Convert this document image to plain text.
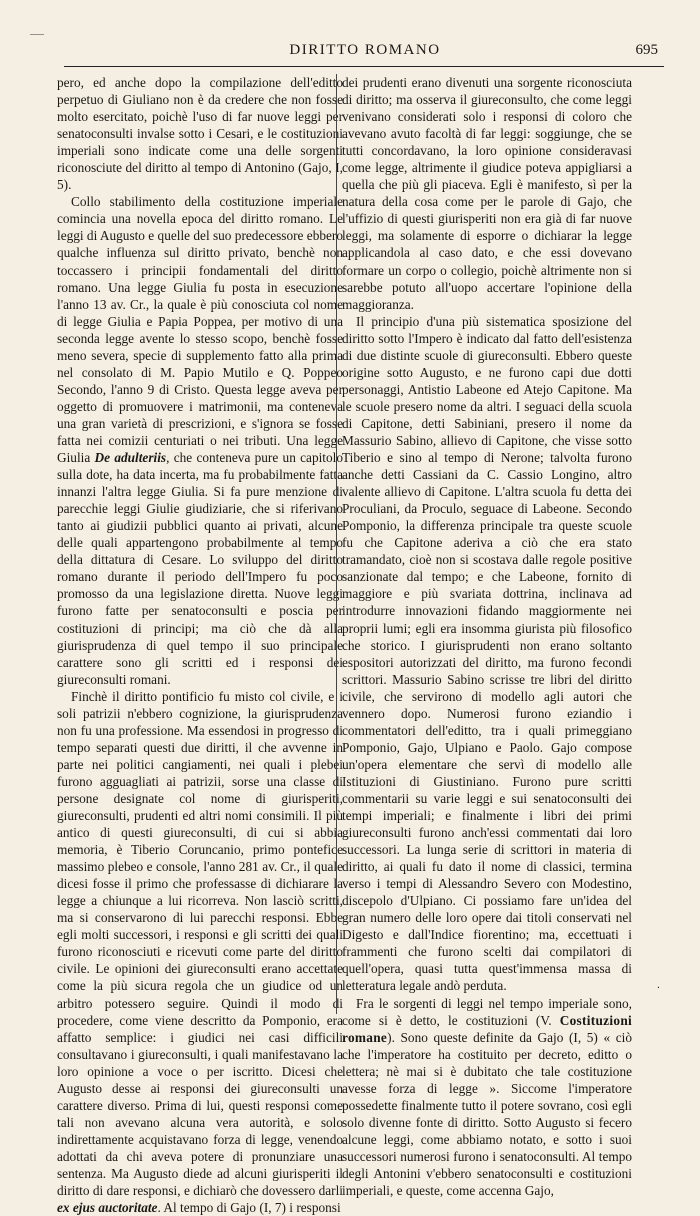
DIRITTO ROMANO	695

pero, ed anche dopo la compilazione dell'editto perpetuo di Giuliano non è da credere che non fosse molto esercitato, poichè l'uso di far nuove leggi per senatoconsulti invalse sotto i Cesari, e le costituzioni imperiali sono indicate come una delle sorgenti riconosciute del diritto al tempo di Antonino (Gajo, I, 5).

Collo stabilimento della costituzione imperiale comincia una novella epoca del diritto romano. Le leggi di Augusto e quelle del suo predecessore ebbero qualche influenza sul diritto privato, benchè non toccassero i principii fondamentali del diritto romano. Una legge Giulia fu posta in esecuzione l'anno 13 av. Cr., la quale è più conosciuta col nome di legge Giulia e Papia Poppea, per motivo di una seconda legge avente lo stesso scopo, benchè fosse meno severa, specie di supplemento fatto alla prima nel consolato di M. Papio Mutilo e Q. Poppeo Secondo, l'anno 9 di Cristo. Questa legge aveva per oggetto di promuovere i matrimonii, ma conteneva una gran varietà di prescrizioni, e s'ignora se fosse fatta nei comizii centuriati o nei tributi. Una legge Giulia De adulteriis, che conteneva pure un capitolo sulla dote, ha data incerta, ma fu probabilmente fatta innanzi l'altra legge Giulia. Si fa pure menzione di parecchie leggi Giulie giudiziarie, che si riferivano tanto ai giudizii pubblici quanto ai privati, alcune delle quali appartengono probabilmente al tempo della dittatura di Cesare. Lo sviluppo del diritto romano durante il periodo dell'Impero fu poco promosso da una legislazione diretta. Nuove leggi furono fatte per senatoconsulti e poscia per costituzioni di principi; ma ciò che dà alla giurisprudenza di quel tempo il suo principale carattere sono gli scritti ed i responsi dei giureconsulti romani.

Finchè il diritto pontificio fu misto col civile, e i soli patrizii n'ebbero cognizione, la giurisprudenza non fu una professione. Ma essendosi in progresso di tempo separati questi due diritti, il che avvenne in parte nei politici cangiamenti, nei quali i plebei furono agguagliati ai patrizii, sorse una classe di persone designate col nome di giurisperiti, giureconsulti, prudenti ed altri nomi consimili. Il più antico di questi giureconsulti, di cui si abbia memoria, è Tiberio Coruncanio, primo pontefice massimo plebeo e console, l'anno 281 av. Cr., il quale dicesi fosse il primo che professasse di dichiarare la legge a chiunque a lui ricorreva. Non lasciò scritti, ma si conservarono di lui parecchi responsi. Ebbe egli molti successori, i responsi e gli scritti dei quali furono riconosciuti e ricevuti come parte del diritto civile. Le opinioni dei giureconsulti erano accettate come la più sicura regola che un giudice od un arbitro potessero seguire. Quindi il modo di procedere, come viene descritto da Pomponio, era affatto semplice: i giudici nei casi difficili consultavano i giureconsulti, i quali manifestavano la loro opinione a voce o per iscritto. Dicesi che Augusto desse ai responsi dei giureconsulti un carattere diverso. Prima di lui, questi responsi come tali non avevano alcuna vera autorità, e solo indirettamente acquistavano forza di legge, venendo adottati da chi aveva potere di pronunziare una sentenza. Ma Augusto diede ad alcuni giurisperiti il diritto di dare responsi, e dichiarò che dovessero darli ex ejus auctoritate. Al tempo di Gajo (I, 7) i responsi

dei prudenti erano divenuti una sorgente riconosciuta di diritto; ma osserva il giureconsulto, che come leggi venivano considerati solo i responsi di coloro che avevano avuto facoltà di far leggi: soggiunge, che se tutti concordavano, la loro opinione consideravasi come legge, altrimente il giudice poteva appigliarsi a quella che più gli piaceva. Egli è manifesto, sì per la natura della cosa come per le parole di Gajo, che l'uffizio di questi giurisperiti non era già di far nuove leggi, ma solamente di esporre o dichiarar la legge applicandola al caso dato, e che essi dovevano formare un corpo o collegio, poichè altrimente non si sarebbe potuto all'uopo accertare l'opinione della maggioranza.

Il principio d'una più sistematica sposizione del diritto sotto l'Impero è indicato dal fatto dell'esistenza di due distinte scuole di giureconsulti. Ebbero queste origine sotto Augusto, e ne furono capi due dotti personaggi, Antistio Labeone ed Atejo Capitone. Ma le scuole presero nome da altri. I seguaci della scuola di Capitone, detti Sabiniani, presero il nome da Massurio Sabino, allievo di Capitone, che visse sotto Tiberio e sino al tempo di Nerone; talvolta furono anche detti Cassiani da C. Cassio Longino, altro valente allievo di Capitone. L'altra scuola fu detta dei Proculiani, da Proculo, seguace di Labeone. Secondo Pomponio, la differenza principale tra queste scuole fu che Capitone aderiva a ciò che era stato tramandato, cioè non si scostava dalle regole positive sanzionate dal tempo; e che Labeone, fornito di maggiore e più svariata dottrina, inclinava ad introdurre innovazioni fidando maggiormente nei proprii lumi; egli era insomma giurista più filosofico che storico. I giurisprudenti non erano soltanto espositori autorizzati del diritto, ma furono fecondi scrittori. Massurio Sabino scrisse tre libri del diritto civile, che servirono di modello agli autori che vennero dopo. Numerosi furono eziandio i commentatori dell'editto, tra i quali primeggiano Pomponio, Gajo, Ulpiano e Paolo. Gajo compose un'opera elementare che servì di modello alle Istituzioni di Giustiniano. Furono pure scritti commentarii su varie leggi e sui senatoconsulti dei tempi imperiali; e finalmente i libri dei primi giureconsulti furono anch'essi commentati dai loro successori. La lunga serie di scrittori in materia di diritto, ai quali fu dato il nome di classici, termina verso i tempi di Alessandro Severo con Modestino, discepolo d'Ulpiano. Ci possiamo fare un'idea del gran numero delle loro opere dai titoli conservati nel Digesto e dall'Indice fiorentino; ma, eccettuati i frammenti che furono scelti dai compilatori di quell'opera, quasi tutta quest'immensa massa di letteratura legale andò perduta.

Fra le sorgenti di leggi nel tempo imperiale sono, come si è detto, le costituzioni (V. Costituzioni romane). Sono queste definite da Gajo (I, 5) « ciò che l'imperatore ha costituito per decreto, editto o lettera; nè mai si è dubitato che tale costituzione avesse forza di legge ». Siccome l'imperatore possedette finalmente tutto il potere sovrano, così egli solo divenne fonte di diritto. Sotto Augusto si fecero alcune leggi, come abbiamo notato, e sotto i suoi successori numerosi furono i senatoconsulti. Al tempo degli Antonini v'ebbero senatoconsulti e costituzioni imperiali, e queste, come accenna Gajo,

·
